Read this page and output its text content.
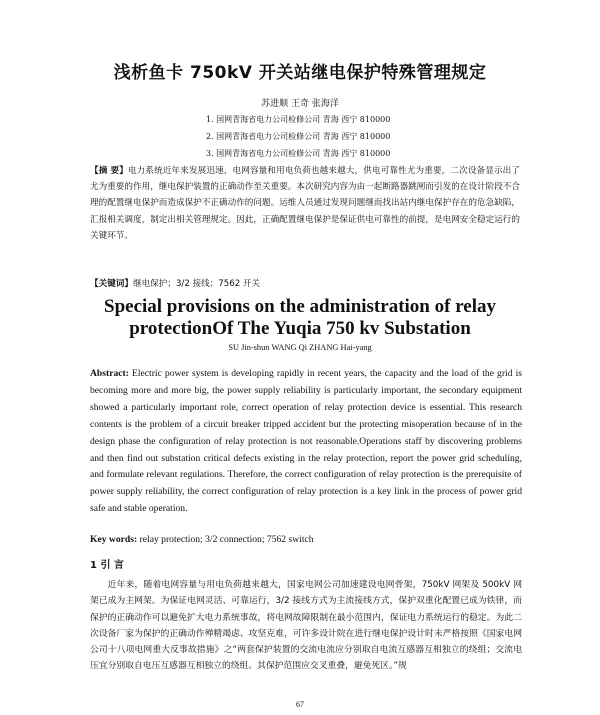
浅析鱼卡 750kV 开关站继电保护特殊管理规定
苏进顺 王奇 张海洋
1. 国网青海省电力公司检修公司 青海 西宁 810000
2. 国网青海省电力公司检修公司 青海 西宁 810000
3. 国网青海省电力公司检修公司 青海 西宁 810000
【摘 要】电力系统近年来发展迅速，电网容量和用电负荷也越来越大，供电可靠性尤为重要，二次设备显示出了尤为重要的作用，继电保护装置的正确动作至关重要。本次研究内容为由一起断路器跳闸而引发的在设计阶段不合理的配置继电保护而造成保护不正确动作的问题。运维人员通过发现问题继而找出站内继电保护存在的危急缺陷，汇报相关调度，制定出相关管理规定。因此，正确配置继电保护是保证供电可靠性的前提，是电网安全稳定运行的关键环节。
【关键词】继电保护；3/2 接线；7562 开关
Special provisions on the administration of relay protectionOf The Yuqia 750 kv Substation
SU Jin-shun WANG Qi ZHANG Hai-yang
Abstract: Electric power system is developing rapidly in recent years, the capacity and the load of the grid is becoming more and more big, the power supply reliability is particularly important, the secondary equipment showed a particularly important role, correct operation of relay protection device is essential. This research contents is the problem of a circuit breaker tripped accident but the protecting misoperation because of in the design phase the configuration of relay protection is not reasonable.Operations staff by discovering problems and then find out substation critical defects existing in the relay protection, report the power grid scheduling, and formulate relevant regulations. Therefore, the correct configuration of relay protection is the prerequisite of power supply reliability, the correct configuration of relay protection is a key link in the process of power grid safe and stable operation.
Key words: relay protection; 3/2 connection; 7562 switch
1 引 言

近年来，随着电网容量与用电负荷越来越大，国家电网公司加速建设电网骨架，750kV 网架及 500kV 网架已成为主网架。为保证电网灵活、可靠运行，3/2 接线方式为主流接线方式，保护双重化配置已成为铁律，而保护的正确动作可以避免扩大电力系统事故，将电网故障限制在最小范围内，保证电力系统运行的稳定。为此二次设备厂家为保护的正确动作殚精竭虑、攻坚克难，可许多设计院在进行继电保护设计时未严格按照《国家电网公司十八项电网重大反事故措施》之“两套保护装置的交流电流应分别取自电流互感器互相独立的绕组；交流电压宜分别取自电压互感器互相独立的绕组。其保护范围应交叉重叠，避免死区。”规

67
